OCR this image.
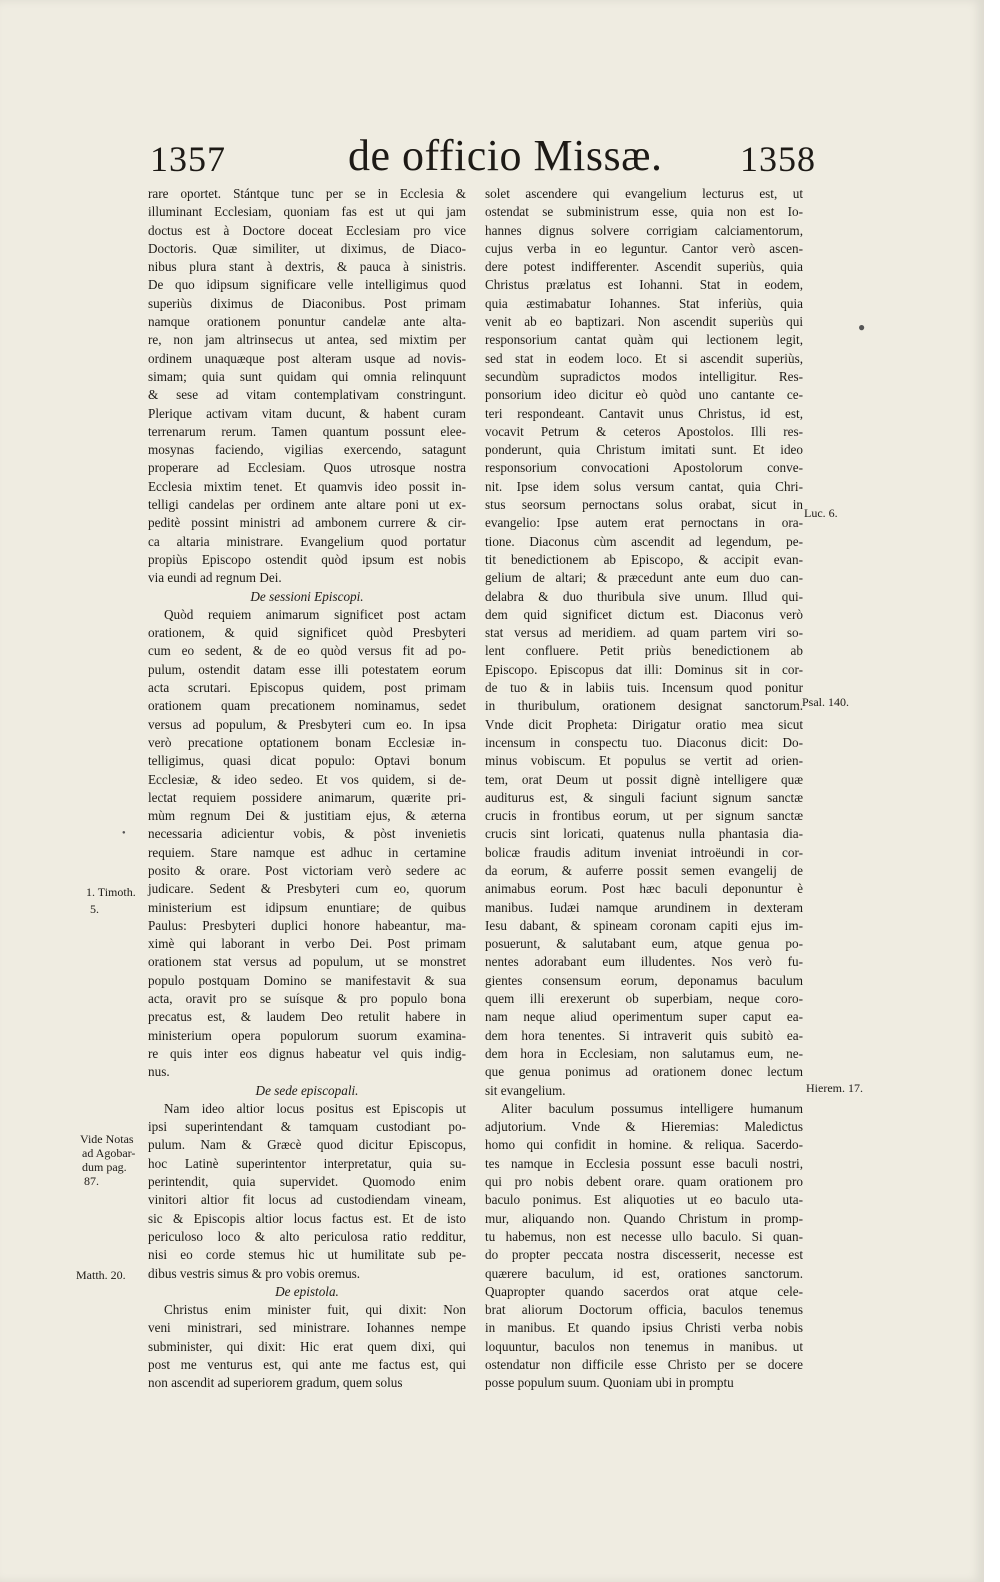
1357	de officio Missæ. 1358

rare oportet. Stántque tunc per se in Ecclesia &

illuminant Ecclesiam, quoniam fas est ut qui jam

doctus est à Doctore doceat Ecclesiam pro vice

Doctoris. Quæ similiter, ut diximus, de Diaco-

nibus plura stant à dextris, & pauca à sinistris.

De quo idipsum significare velle intelligimus quod

superiùs diximus de Diaconibus. Post primam

namque orationem ponuntur candelæ ante alta-

re, non jam altrinsecus ut antea, sed mixtim per

ordinem unaquæque post alteram usque ad novis-

simam; quia sunt quidam qui omnia relinquunt

& sese ad vitam contemplativam constringunt.

Plerique activam vitam ducunt, & habent curam

terrenarum rerum. Tamen quantum possunt elee-

mosynas faciendo, vigilias exercendo, satagunt

properare ad Ecclesiam. Quos utrosque nostra

Ecclesia mixtim tenet. Et quamvis ideo possit in-

telligi candelas per ordinem ante altare poni ut ex-

peditè possint ministri ad ambonem currere & cir-

ca altaria ministrare. Evangelium quod portatur

propiùs Episcopo ostendit quòd ipsum est nobis

via eundi ad regnum Dei.

De sessioni Episcopi.

Quòd requiem animarum significet post actam

orationem, & quid significet quòd Presbyteri

cum eo sedent, & de eo quòd versus fit ad po-

pulum, ostendit datam esse illi potestatem eorum

acta scrutari. Episcopus quidem, post primam

orationem quam precationem nominamus, sedet

versus ad populum, & Presbyteri cum eo. In ipsa

verò precatione optationem bonam Ecclesiæ in-

telligimus, quasi dicat populo: Optavi bonum

Ecclesiæ, & ideo sedeo. Et vos quidem, si de-

lectat requiem possidere animarum, quærite pri-

mùm regnum Dei & justitiam ejus, & æterna

necessaria adicientur vobis, & pòst invenietis

requiem. Stare namque est adhuc in certamine

posito & orare. Post victoriam verò sedere ac

judicare. Sedent & Presbyteri cum eo, quorum

ministerium est idipsum enuntiare; de quibus

Paulus: Presbyteri duplici honore habeantur, ma-

ximè qui laborant in verbo Dei. Post primam

orationem stat versus ad populum, ut se monstret

populo postquam Domino se manifestavit & sua

acta, oravit pro se suísque & pro populo bona

precatus est, & laudem Deo retulit habere in

ministerium opera populorum suorum examina-

re quis inter eos dignus habeatur vel quis indig-

nus.

De sede episcopali.

Nam ideo altior locus positus est Episcopis ut

ipsi superintendant & tamquam custodiant po-

pulum. Nam & Græcè quod dicitur Episcopus,

hoc Latinè superintentor interpretatur, quia su-

perintendit, quia supervidet. Quomodo enim

vinitori altior fit locus ad custodiendam vineam,

sic & Episcopis altior locus factus est. Et de isto

periculoso loco & alto periculosa ratio redditur,

nisi eo corde stemus hic ut humilitate sub pe-

dibus vestris simus & pro vobis oremus.

De epistola.

Christus enim minister fuit, qui dixit: Non

veni ministrari, sed ministrare. Iohannes nempe

subminister, qui dixit: Hic erat quem dixi, qui

post me venturus est, qui ante me factus est, qui

non ascendit ad superiorem gradum, quem solus

solet ascendere qui evangelium lecturus est, ut

ostendat se subministrum esse, quia non est Io-

hannes dignus solvere corrigiam calciamentorum,

cujus verba in eo leguntur. Cantor verò ascen-

dere potest indifferenter. Ascendit superiùs, quia

Christus prælatus est Iohanni. Stat in eodem,

quia æstimabatur Iohannes. Stat inferiùs, quia

venit ab eo baptizari. Non ascendit superiùs qui

responsorium cantat quàm qui lectionem legit,

sed stat in eodem loco. Et si ascendit superiùs,

secundùm supradictos modos intelligitur. Res-

ponsorium ideo dicitur eò quòd uno cantante ce-

teri respondeant. Cantavit unus Christus, id est,

vocavit Petrum & ceteros Apostolos. Illi res-

ponderunt, quia Christum imitati sunt. Et ideo

responsorium convocationi Apostolorum conve-

nit. Ipse idem solus versum cantat, quia Chri-

stus seorsum pernoctans solus orabat, sicut in

evangelio: Ipse autem erat pernoctans in ora-

tione. Diaconus cùm ascendit ad legendum, pe-

tit benedictionem ab Episcopo, & accipit evan-

gelium de altari; & præcedunt ante eum duo can-

delabra & duo thuribula sive unum. Illud qui-

dem quid significet dictum est. Diaconus verò

stat versus ad meridiem. ad quam partem viri so-

lent confluere. Petit priùs benedictionem ab

Episcopo. Episcopus dat illi: Dominus sit in cor-

de tuo & in labiis tuis. Incensum quod ponitur

in thuribulum, orationem designat sanctorum.

Vnde dicit Propheta: Dirigatur oratio mea sicut

incensum in conspectu tuo. Diaconus dicit: Do-

minus vobiscum. Et populus se vertit ad orien-

tem, orat Deum ut possit dignè intelligere quæ

auditurus est, & singuli faciunt signum sanctæ

crucis in frontibus eorum, ut per signum sanctæ

crucis sint loricati, quatenus nulla phantasia dia-

bolicæ fraudis aditum inveniat introëundi in cor-

da eorum, & auferre possit semen evangelij de

animabus eorum. Post hæc baculi deponuntur è

manibus. Iudæi namque arundinem in dexteram

Iesu dabant, & spineam coronam capiti ejus im-

posuerunt, & salutabant eum, atque genua po-

nentes adorabant eum illudentes. Nos verò fu-

gientes consensum eorum, deponamus baculum

quem illi erexerunt ob superbiam, neque coro-

nam neque aliud operimentum super caput ea-

dem hora tenentes. Si intraverit quis subitò ea-

dem hora in Ecclesiam, non salutamus eum, ne-

que genua ponimus ad orationem donec lectum

sit evangelium.

Aliter baculum possumus intelligere humanum

adjutorium. Vnde & Hieremias: Maledictus

homo qui confidit in homine. & reliqua. Sacerdo-

tes namque in Ecclesia possunt esse baculi nostri,

qui pro nobis debent orare. quam orationem pro

baculo ponimus. Est aliquoties ut eo baculo uta-

mur, aliquando non. Quando Christum in promp-

tu habemus, non est necesse ullo baculo. Si quan-

do propter peccata nostra discesserit, necesse est

quærere baculum, id est, orationes sanctorum.

Quapropter quando sacerdos orat atque cele-

brat aliorum Doctorum officia, baculos tenemus

in manibus. Et quando ipsius Christi verba nobis

loquuntur, baculos non tenemus in manibus. ut

ostendatur non difficile esse Christo per se docere

posse populum suum. Quoniam ubi in promptu

Luc. 6.
Psal. 140.
1. Timoth.
5.
Vide Notas
ad Agobar-
dum pag.
87.
Matth. 20.
Hierem. 17.
●
●
